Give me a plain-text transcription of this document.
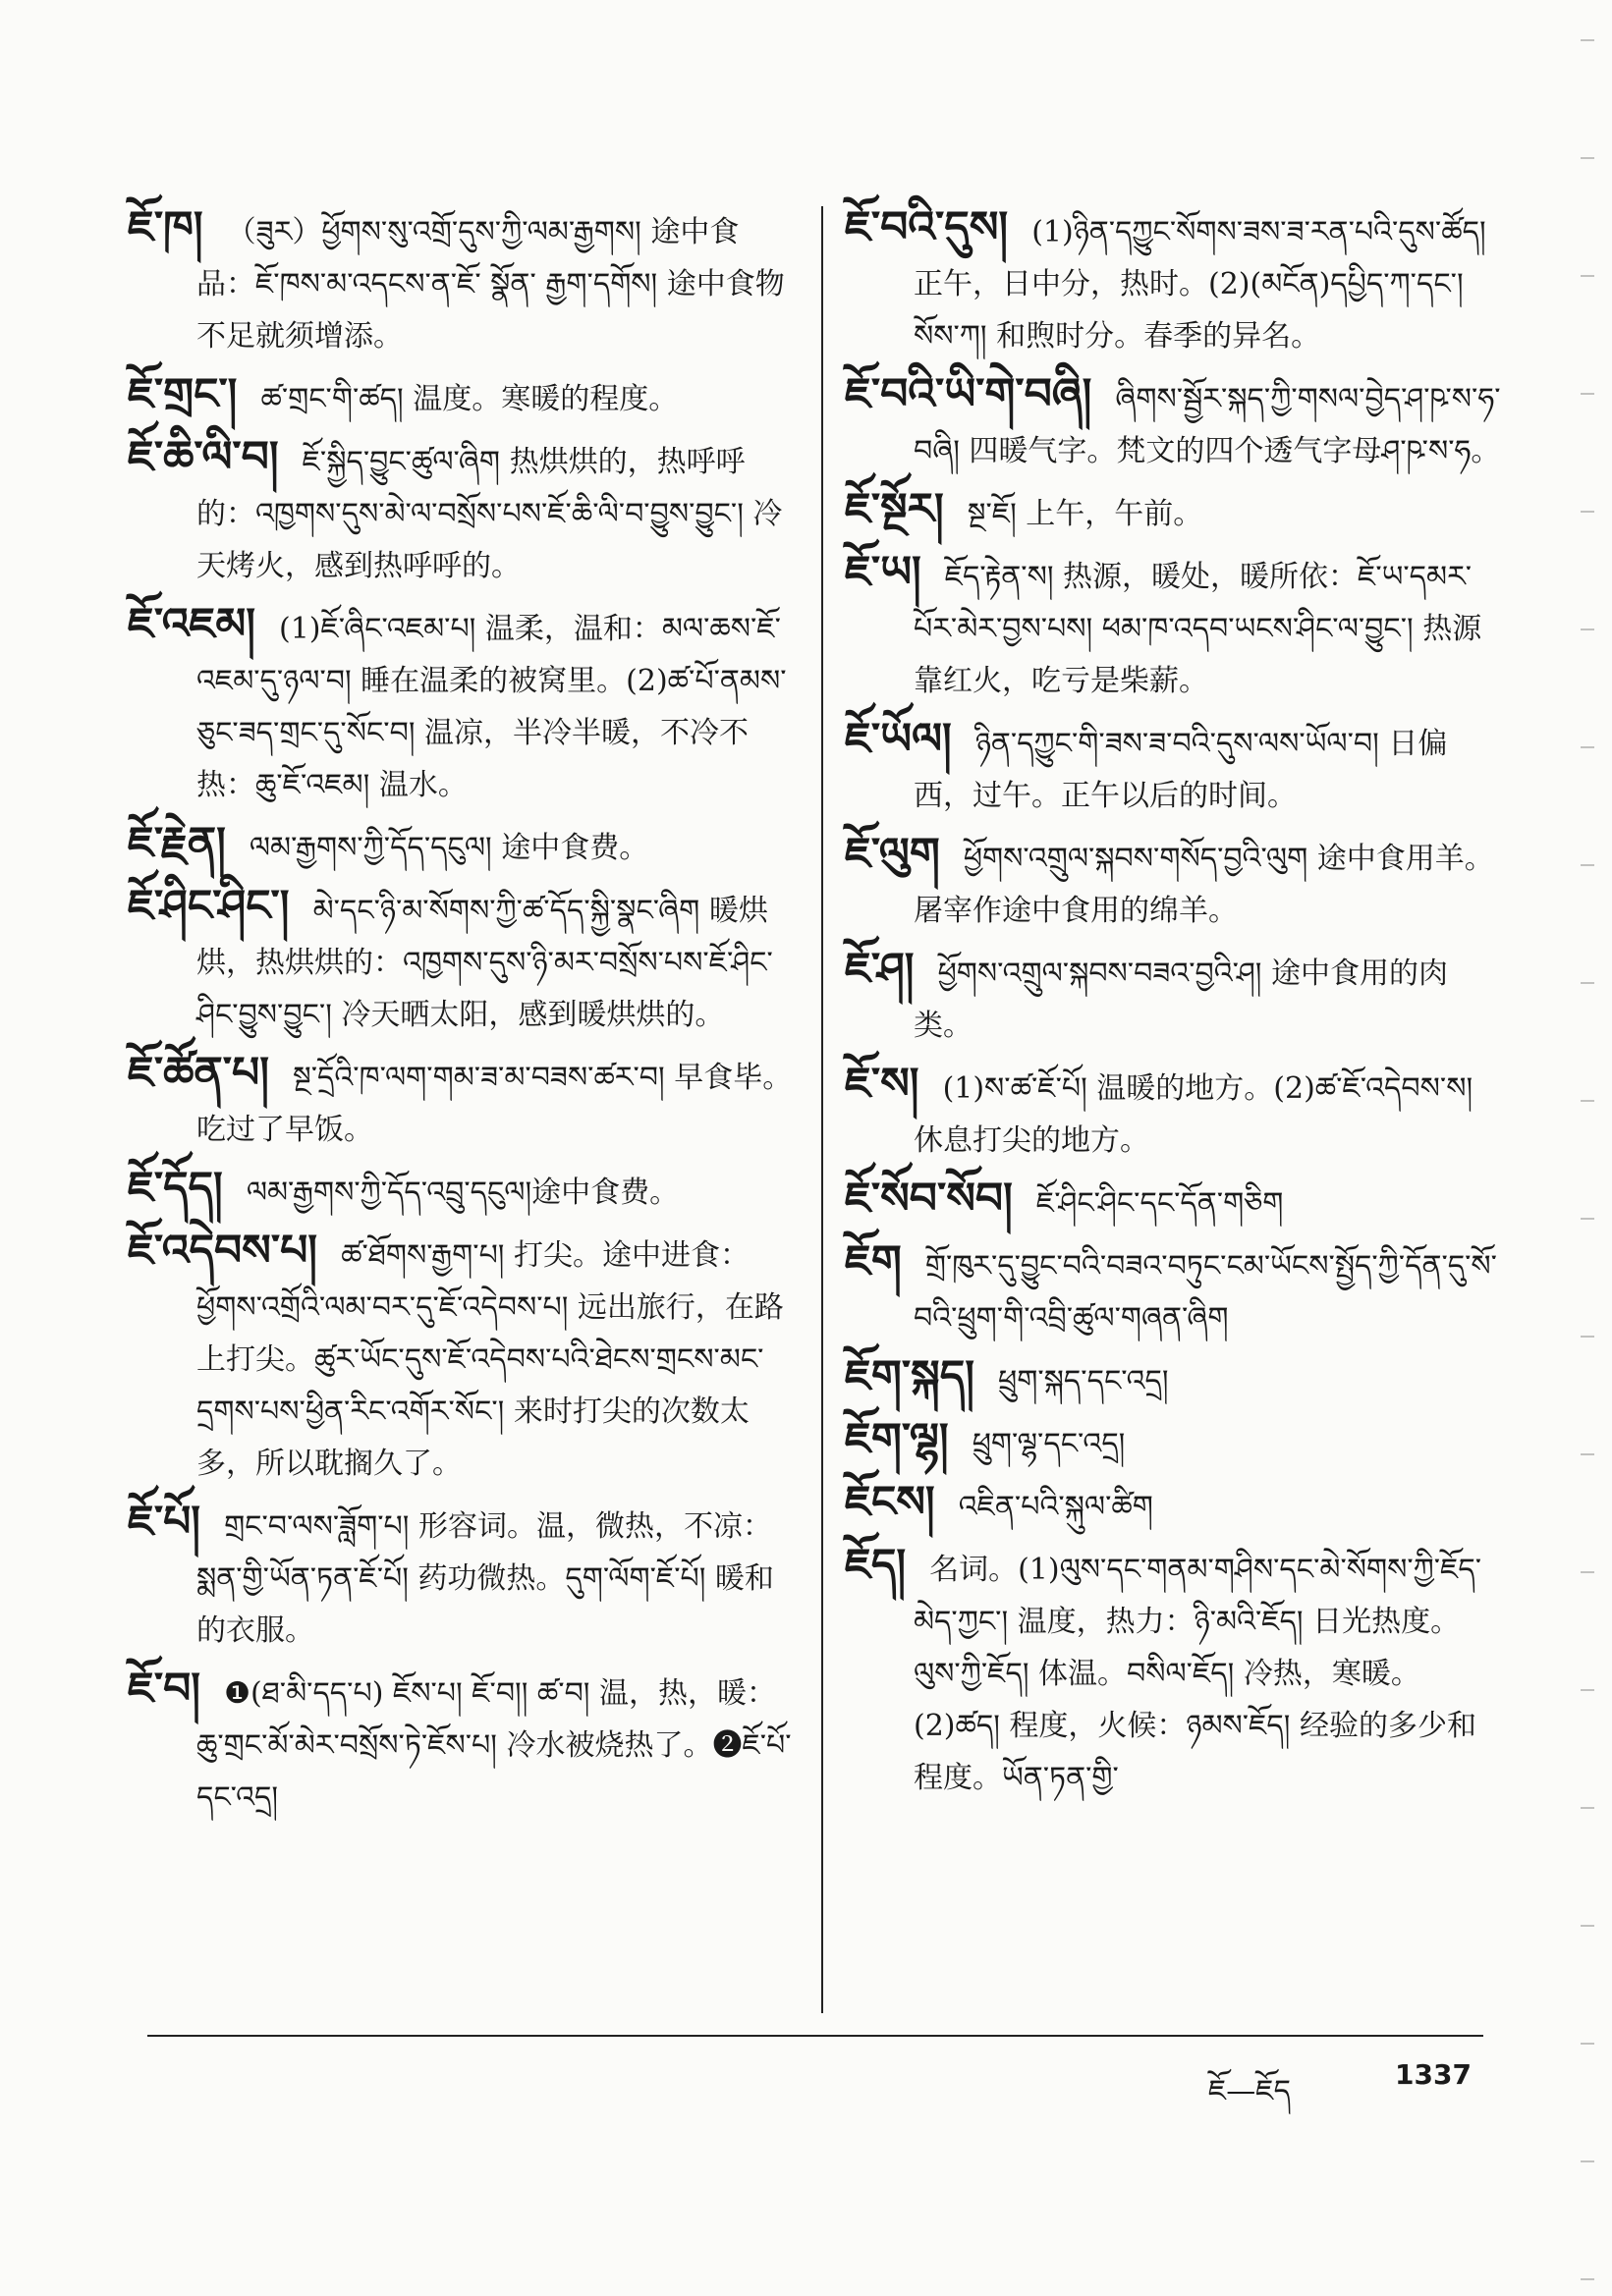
ཇོ་ཁ། （ཟུར）ཕྱོགས་སུ་འགྲོ་དུས་ཀྱི་ལམ་རྒྱགས། 途中食品：ཇོ་ཁས་མ་འདངས་ན་ཇོ་ སྣོན་ རྒྱག་དགོས། 途中食物不足就须增添。
ཇོ་གྲང་། ཚ་གྲང་གི་ཚད། 温度。寒暖的程度。
ཇོ་ཆི་ལི་བ། ཇོ་སྐྱིད་བྱུང་ཚུལ་ཞིག 热烘烘的，热呼呼的：འཁྱགས་དུས་མེ་ལ་བསྲོས་པས་ཇོ་ཆི་ལི་བ་བྱུས་བྱུང་། 冷天烤火，感到热呼呼的。
ཇོ་འཇམ། (1)ཇོ་ཞིང་འཇམ་པ། 温柔，温和：མལ་ཆས་ཇོ་འཇམ་དུ་ཉལ་བ། 睡在温柔的被窝里。(2)ཚ་པོ་ནམས་ཅུང་ཟད་གྲང་དུ་སོང་བ། 温凉，半冷半暖，不冷不热：ཆུ་ཇོ་འཇམ། 温水。
ཇོ་རྗེན། ལམ་རྒྱགས་ཀྱི་དོད་དངུལ། 途中食费。
ཇོ་ཤིང་ཤིང་། མེ་དང་ཉི་མ་སོགས་ཀྱི་ཚ་དོད་སྐྱི་སྣང་ཞིག 暖烘烘，热烘烘的：འཁྱགས་དུས་ཉི་མར་བསྲོས་པས་ཇོ་ཤིང་ཤིང་བྱུས་བྱུང་། 冷天晒太阳，感到暖烘烘的。
ཇོ་ཚོན་པ། སྔ་དྲོའི་ཁ་ལག་གམ་ཟ་མ་བཟས་ཚར་བ། 早食毕。吃过了早饭。
ཇོ་དོད། ལམ་རྒྱགས་ཀྱི་དོད་འབྲུ་དངུལ།途中食费。
ཇོ་འདེབས་པ། ཚ་ཐོགས་རྒྱག་པ། 打尖。途中进食：ཕྱོགས་འགྲོའི་ལམ་བར་དུ་ཇོ་འདེབས་པ། 远出旅行，在路上打尖。ཚུར་ཡོང་དུས་ཇོ་འདེབས་པའི་ཐེངས་གྲངས་མང་དྲགས་པས་ཕྱིན་རིང་འགོར་སོང་། 来时打尖的次数太多，所以耽搁久了。
ཇོ་པོ། གྲང་བ་ལས་ཟློག་པ། 形容词。温，微热，不凉：སྨན་གྱི་ཡོན་ཏན་ཇོ་པོ། 药功微热。དུག་ལོག་ཇོ་པོ། 暖和的衣服。
ཇོ་བ། ❶(ཐ་མི་དད་པ) ཇོས་པ། ཇོ་བ།། ཚ་བ། 温，热，暖：ཆུ་གྲང་མོ་མེར་བསྲོས་ཏེ་ཇོས་པ། 冷水被烧热了。❷ཇོ་པོ་དང་འདྲ།
ཇོ་བའི་དུས། (1)ཉིན་དཀྱུང་སོགས་ཟས་ཟ་རན་པའི་དུས་ཚོད། 正午，日中分，热时。(2)(མངོན)དཔྱིད་ཀ་དང་། སོས་ཀ། 和煦时分。春季的异名。
ཇོ་བའི་ཡི་གེ་བཞི། ཞིགས་སྦྱོར་སྐད་ཀྱི་གསལ་བྱེད་ཤ་ཥ་ས་ཧ་བཞི། 四暖气字。梵文的四个透气字母ཤ་ཥ་ས་ཧ。
ཇོ་སྔོར། སྔ་ཇོ། 上午，午前。
ཇོ་ཡ། ཇོད་རྟེན་ས། 热源，暖处，暖所依：ཇོ་ཡ་དམར་པོར་མེར་བྱས་པས། ཕམ་ཁ་འདབ་ཡངས་ཤིང་ལ་བྱུང་། 热源靠红火，吃亏是柴薪。
ཇོ་ཡོལ། ཉིན་དཀྱུང་གི་ཟས་ཟ་བའི་དུས་ལས་ཡོལ་བ། 日偏西，过午。正午以后的时间。
ཇོ་ལུག ཕྱོགས་འགྲུལ་སྐབས་གསོད་བྱའི་ལུག 途中食用羊。屠宰作途中食用的绵羊。
ཇོ་ཤ། ཕྱོགས་འགྲུལ་སྐབས་བཟའ་བྱའི་ཤ། 途中食用的肉类。
ཇོ་ས། (1)ས་ཚ་ཇོ་པོ། 温暖的地方。(2)ཚ་ཇོ་འདེབས་ས། 休息打尖的地方。
ཇོ་སོབ་སོབ། ཇོ་ཤིང་ཤིང་དང་དོན་གཅིག
ཇོག གྲོ་ཁུར་དུ་བྱུང་བའི་བཟའ་བཏུང་ངམ་ཡོངས་སྤྱོད་ཀྱི་དོན་དུ་སོ་བའི་ཕྲུག་གི་འབྲི་ཚུལ་གཞན་ཞིག
ཇོག་སྐད། ཕྲུག་སྐད་དང་འདྲ།
ཇོག་ལྷ། ཕྲུག་ལྷ་དང་འདྲ།
ཇོངས། འཇིན་པའི་སྐུལ་ཚིག
ཇོད། 名词。(1)ལུས་དང་གནམ་གཤིས་དང་མེ་སོགས་ཀྱི་ཇོད་མེད་ཀྱང་། 温度，热力：ཉི་མའི་ཇོད། 日光热度。ལུས་ཀྱི་ཇོད། 体温。བསིལ་ཇོད། 冷热，寒暖。(2)ཚད། 程度，火候：ཉམས་ཇོད། 经验的多少和程度。ཡོན་ཏན་གྱི་
ཇོ—ཇོད	1337
